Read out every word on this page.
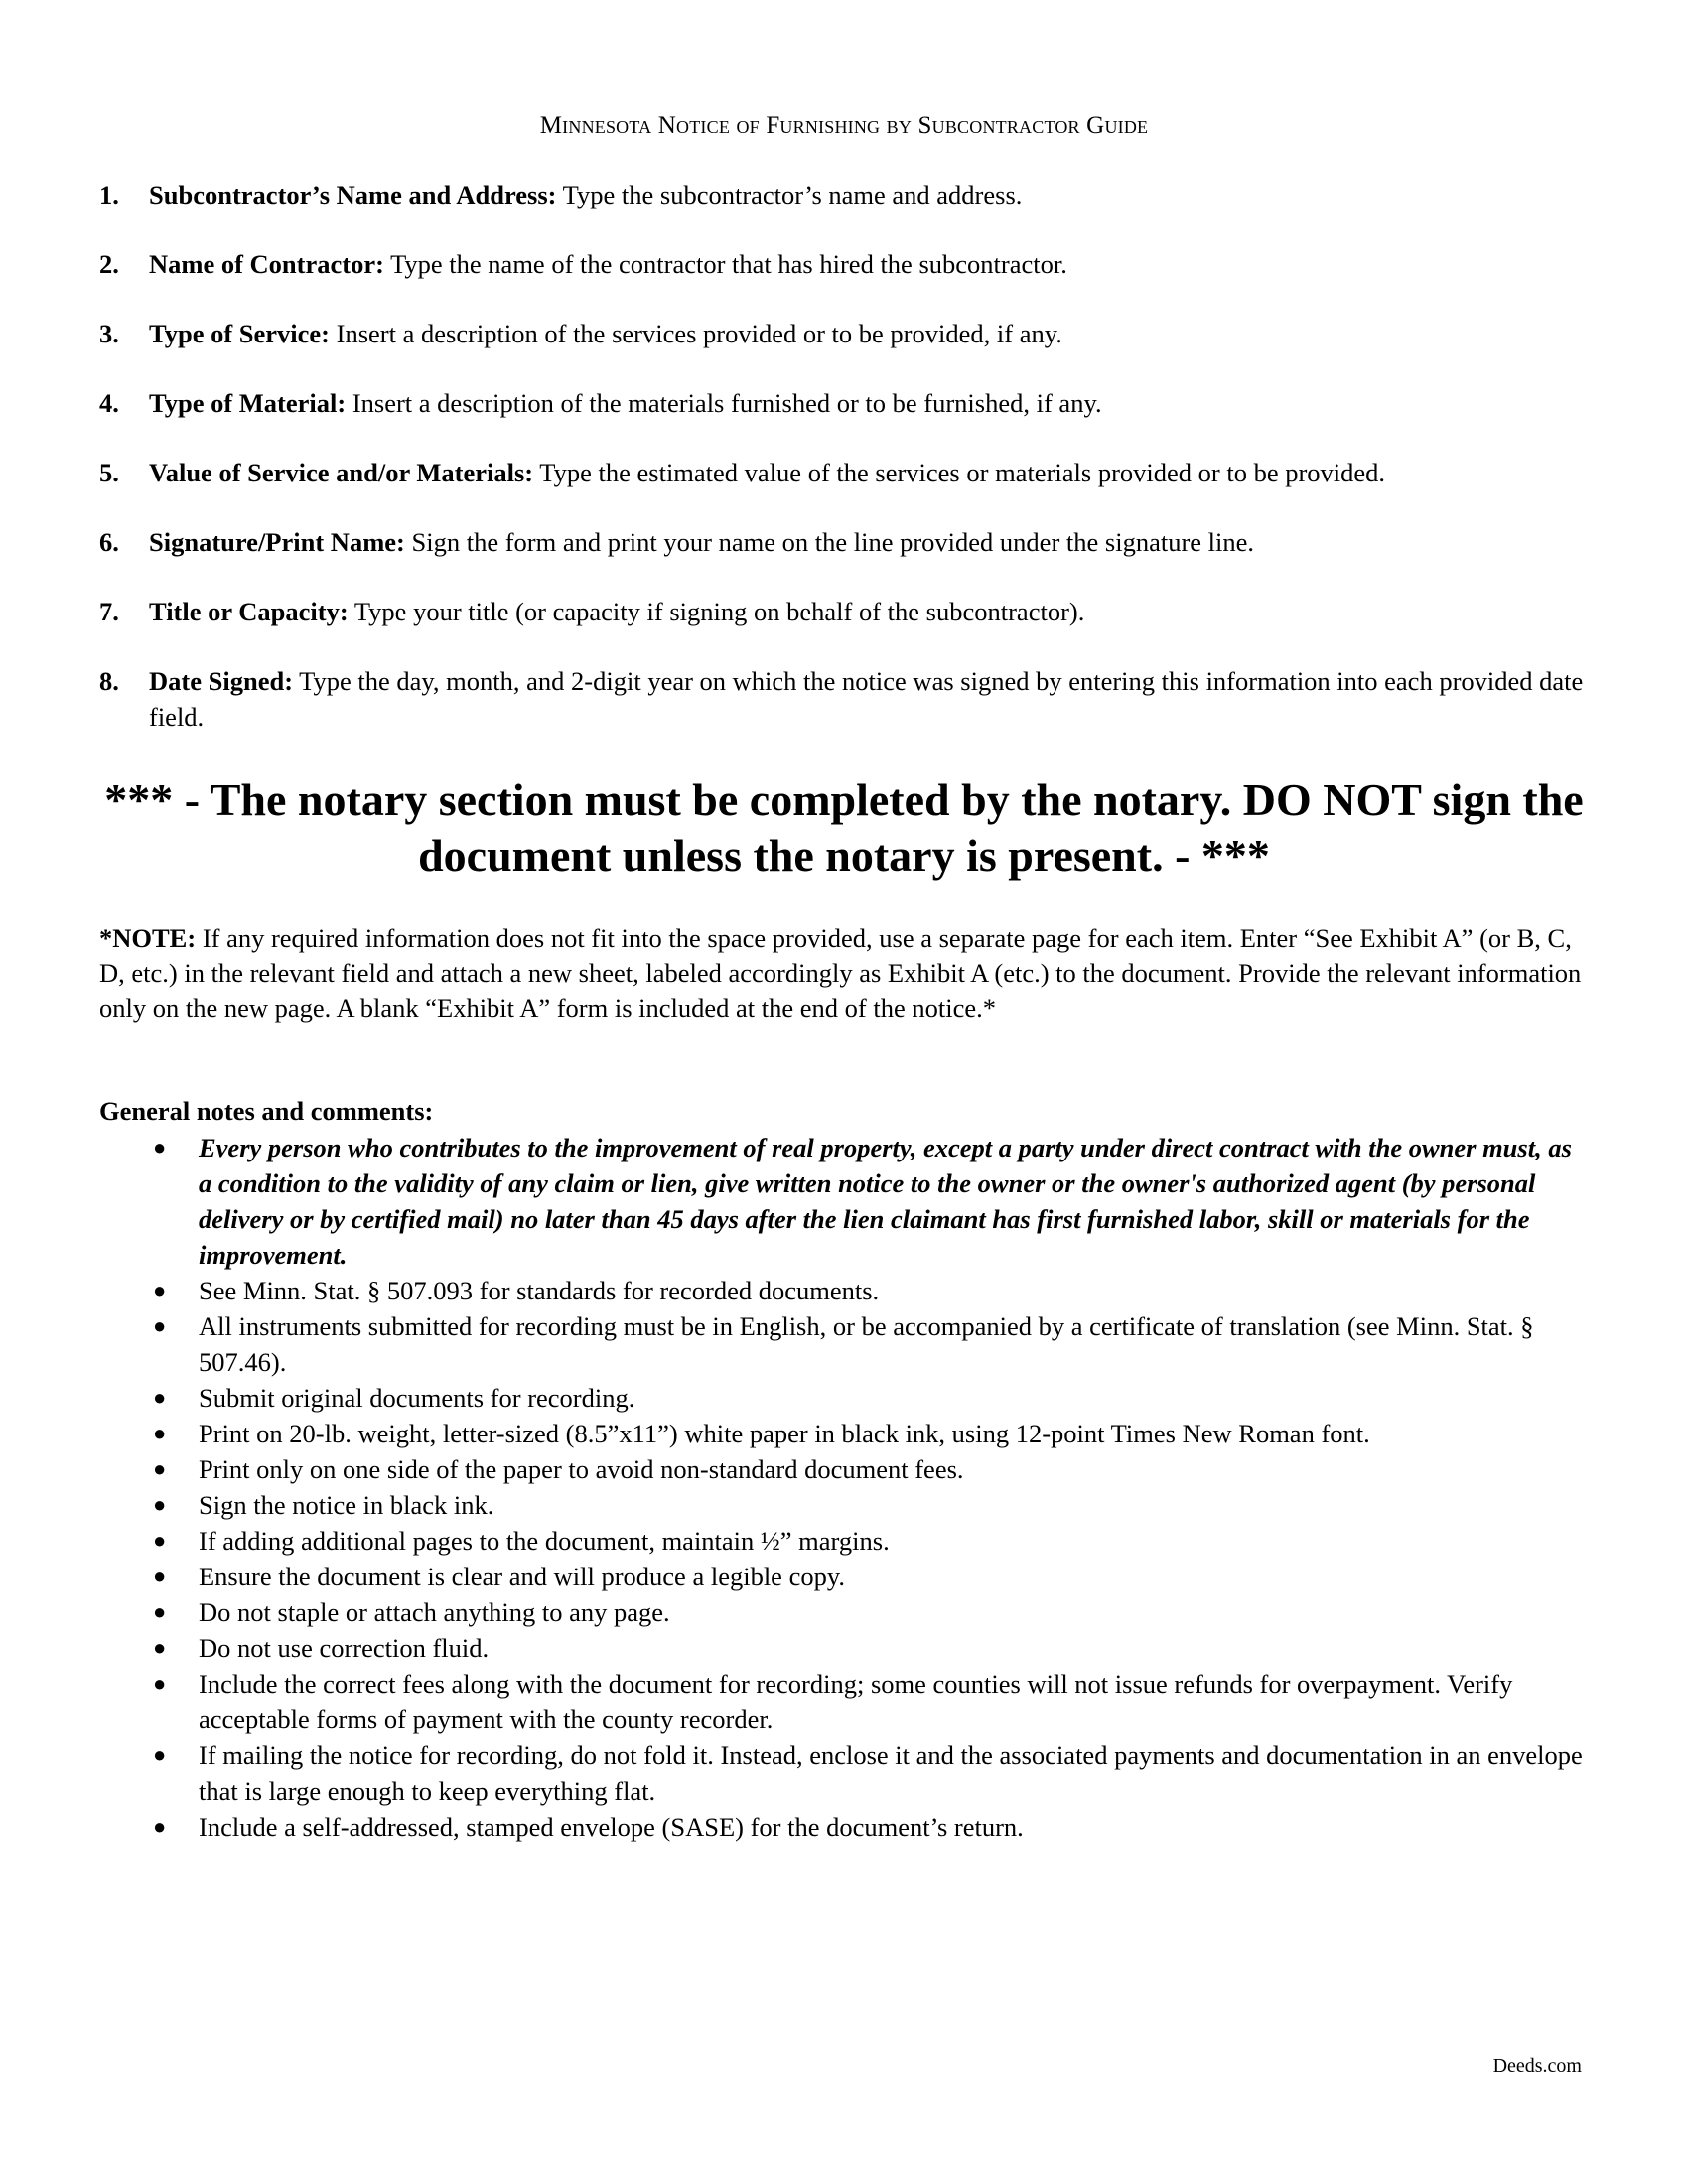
Minnesota Notice of Furnishing by Subcontractor Guide
1. Subcontractor’s Name and Address: Type the subcontractor’s name and address.
2. Name of Contractor: Type the name of the contractor that has hired the subcontractor.
3. Type of Service: Insert a description of the services provided or to be provided, if any.
4. Type of Material: Insert a description of the materials furnished or to be furnished, if any.
5. Value of Service and/or Materials: Type the estimated value of the services or materials provided or to be provided.
6. Signature/Print Name: Sign the form and print your name on the line provided under the signature line.
7. Title or Capacity: Type your title (or capacity if signing on behalf of the subcontractor).
8. Date Signed: Type the day, month, and 2-digit year on which the notice was signed by entering this information into each provided date field.
*** - The notary section must be completed by the notary. DO NOT sign the document unless the notary is present. - ***
*NOTE: If any required information does not fit into the space provided, use a separate page for each item. Enter “See Exhibit A” (or B, C, D, etc.) in the relevant field and attach a new sheet, labeled accordingly as Exhibit A (etc.) to the document. Provide the relevant information only on the new page. A blank “Exhibit A” form is included at the end of the notice.*
General notes and comments:
● Every person who contributes to the improvement of real property, except a party under direct contract with the owner must, as a condition to the validity of any claim or lien, give written notice to the owner or the owner's authorized agent (by personal delivery or by certified mail) no later than 45 days after the lien claimant has first furnished labor, skill or materials for the improvement.
● See Minn. Stat. § 507.093 for standards for recorded documents.
● All instruments submitted for recording must be in English, or be accompanied by a certificate of translation (see Minn. Stat. § 507.46).
● Submit original documents for recording.
● Print on 20-lb. weight, letter-sized (8.5”x11”) white paper in black ink, using 12-point Times New Roman font.
● Print only on one side of the paper to avoid non-standard document fees.
● Sign the notice in black ink.
● If adding additional pages to the document, maintain ½” margins.
● Ensure the document is clear and will produce a legible copy.
● Do not staple or attach anything to any page.
● Do not use correction fluid.
● Include the correct fees along with the document for recording; some counties will not issue refunds for overpayment. Verify acceptable forms of payment with the county recorder.
● If mailing the notice for recording, do not fold it. Instead, enclose it and the associated payments and documentation in an envelope that is large enough to keep everything flat.
● Include a self-addressed, stamped envelope (SASE) for the document’s return.
Deeds.com
